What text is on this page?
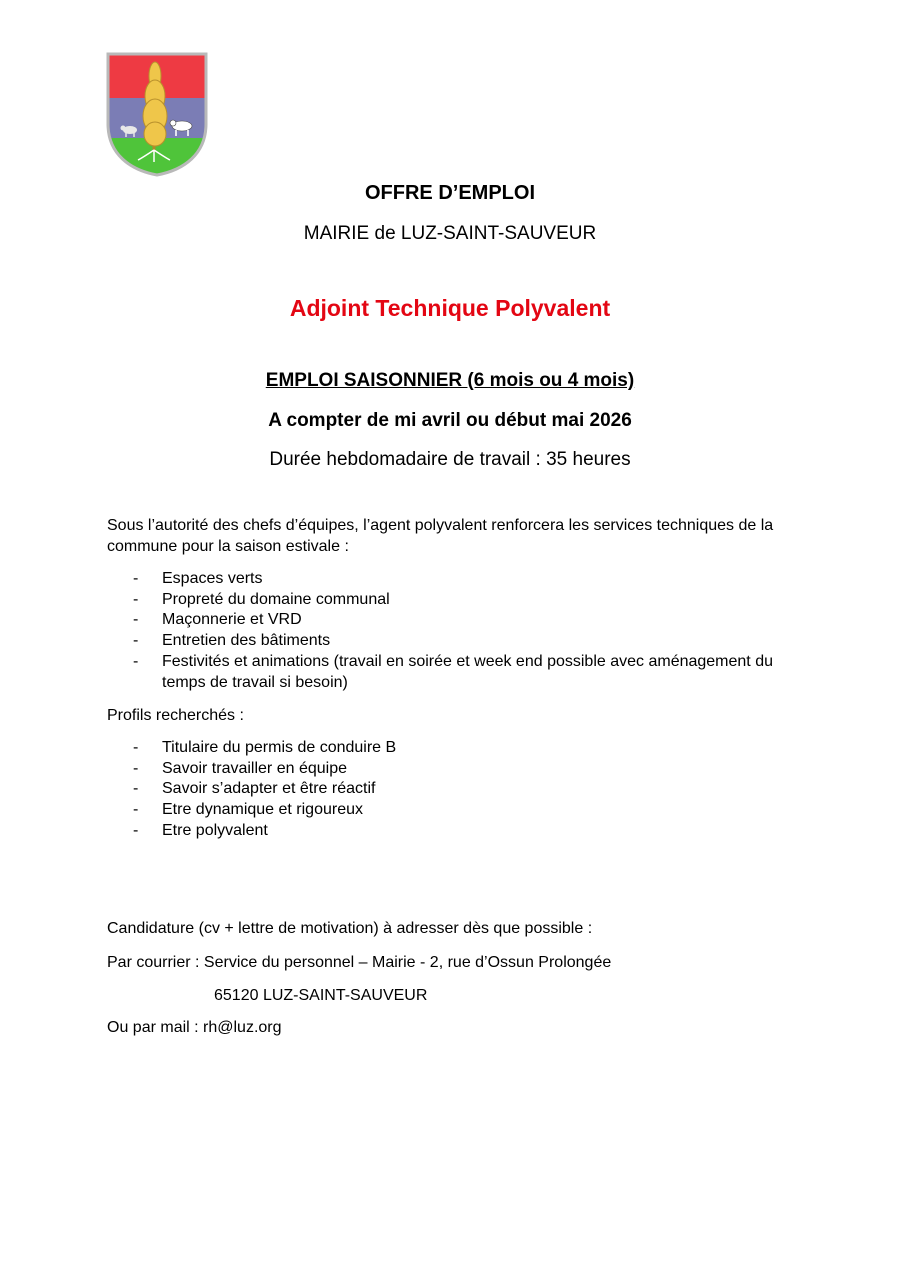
OFFRE D’EMPLOI
MAIRIE de LUZ-SAINT-SAUVEUR
Adjoint Technique Polyvalent
EMPLOI SAISONNIER (6 mois ou 4 mois)
A compter de mi avril ou début mai 2026
Durée hebdomadaire de travail : 35 heures
Sous l’autorité des chefs d’équipes, l’agent polyvalent renforcera les services techniques de la commune pour la saison estivale :
- Espaces verts
- Propreté du domaine communal
- Maçonnerie et VRD
- Entretien des bâtiments
- Festivités et animations (travail en soirée et week end possible avec aménagement du temps de travail si besoin)
Profils recherchés :
- Titulaire du permis de conduire B
- Savoir travailler en équipe
- Savoir s’adapter et être réactif
- Etre dynamique et rigoureux
- Etre polyvalent
Candidature (cv + lettre de motivation) à adresser dès que possible :
Par courrier : Service du personnel – Mairie - 2, rue d’Ossun Prolongée
65120 LUZ-SAINT-SAUVEUR
Ou par mail : rh@luz.org
